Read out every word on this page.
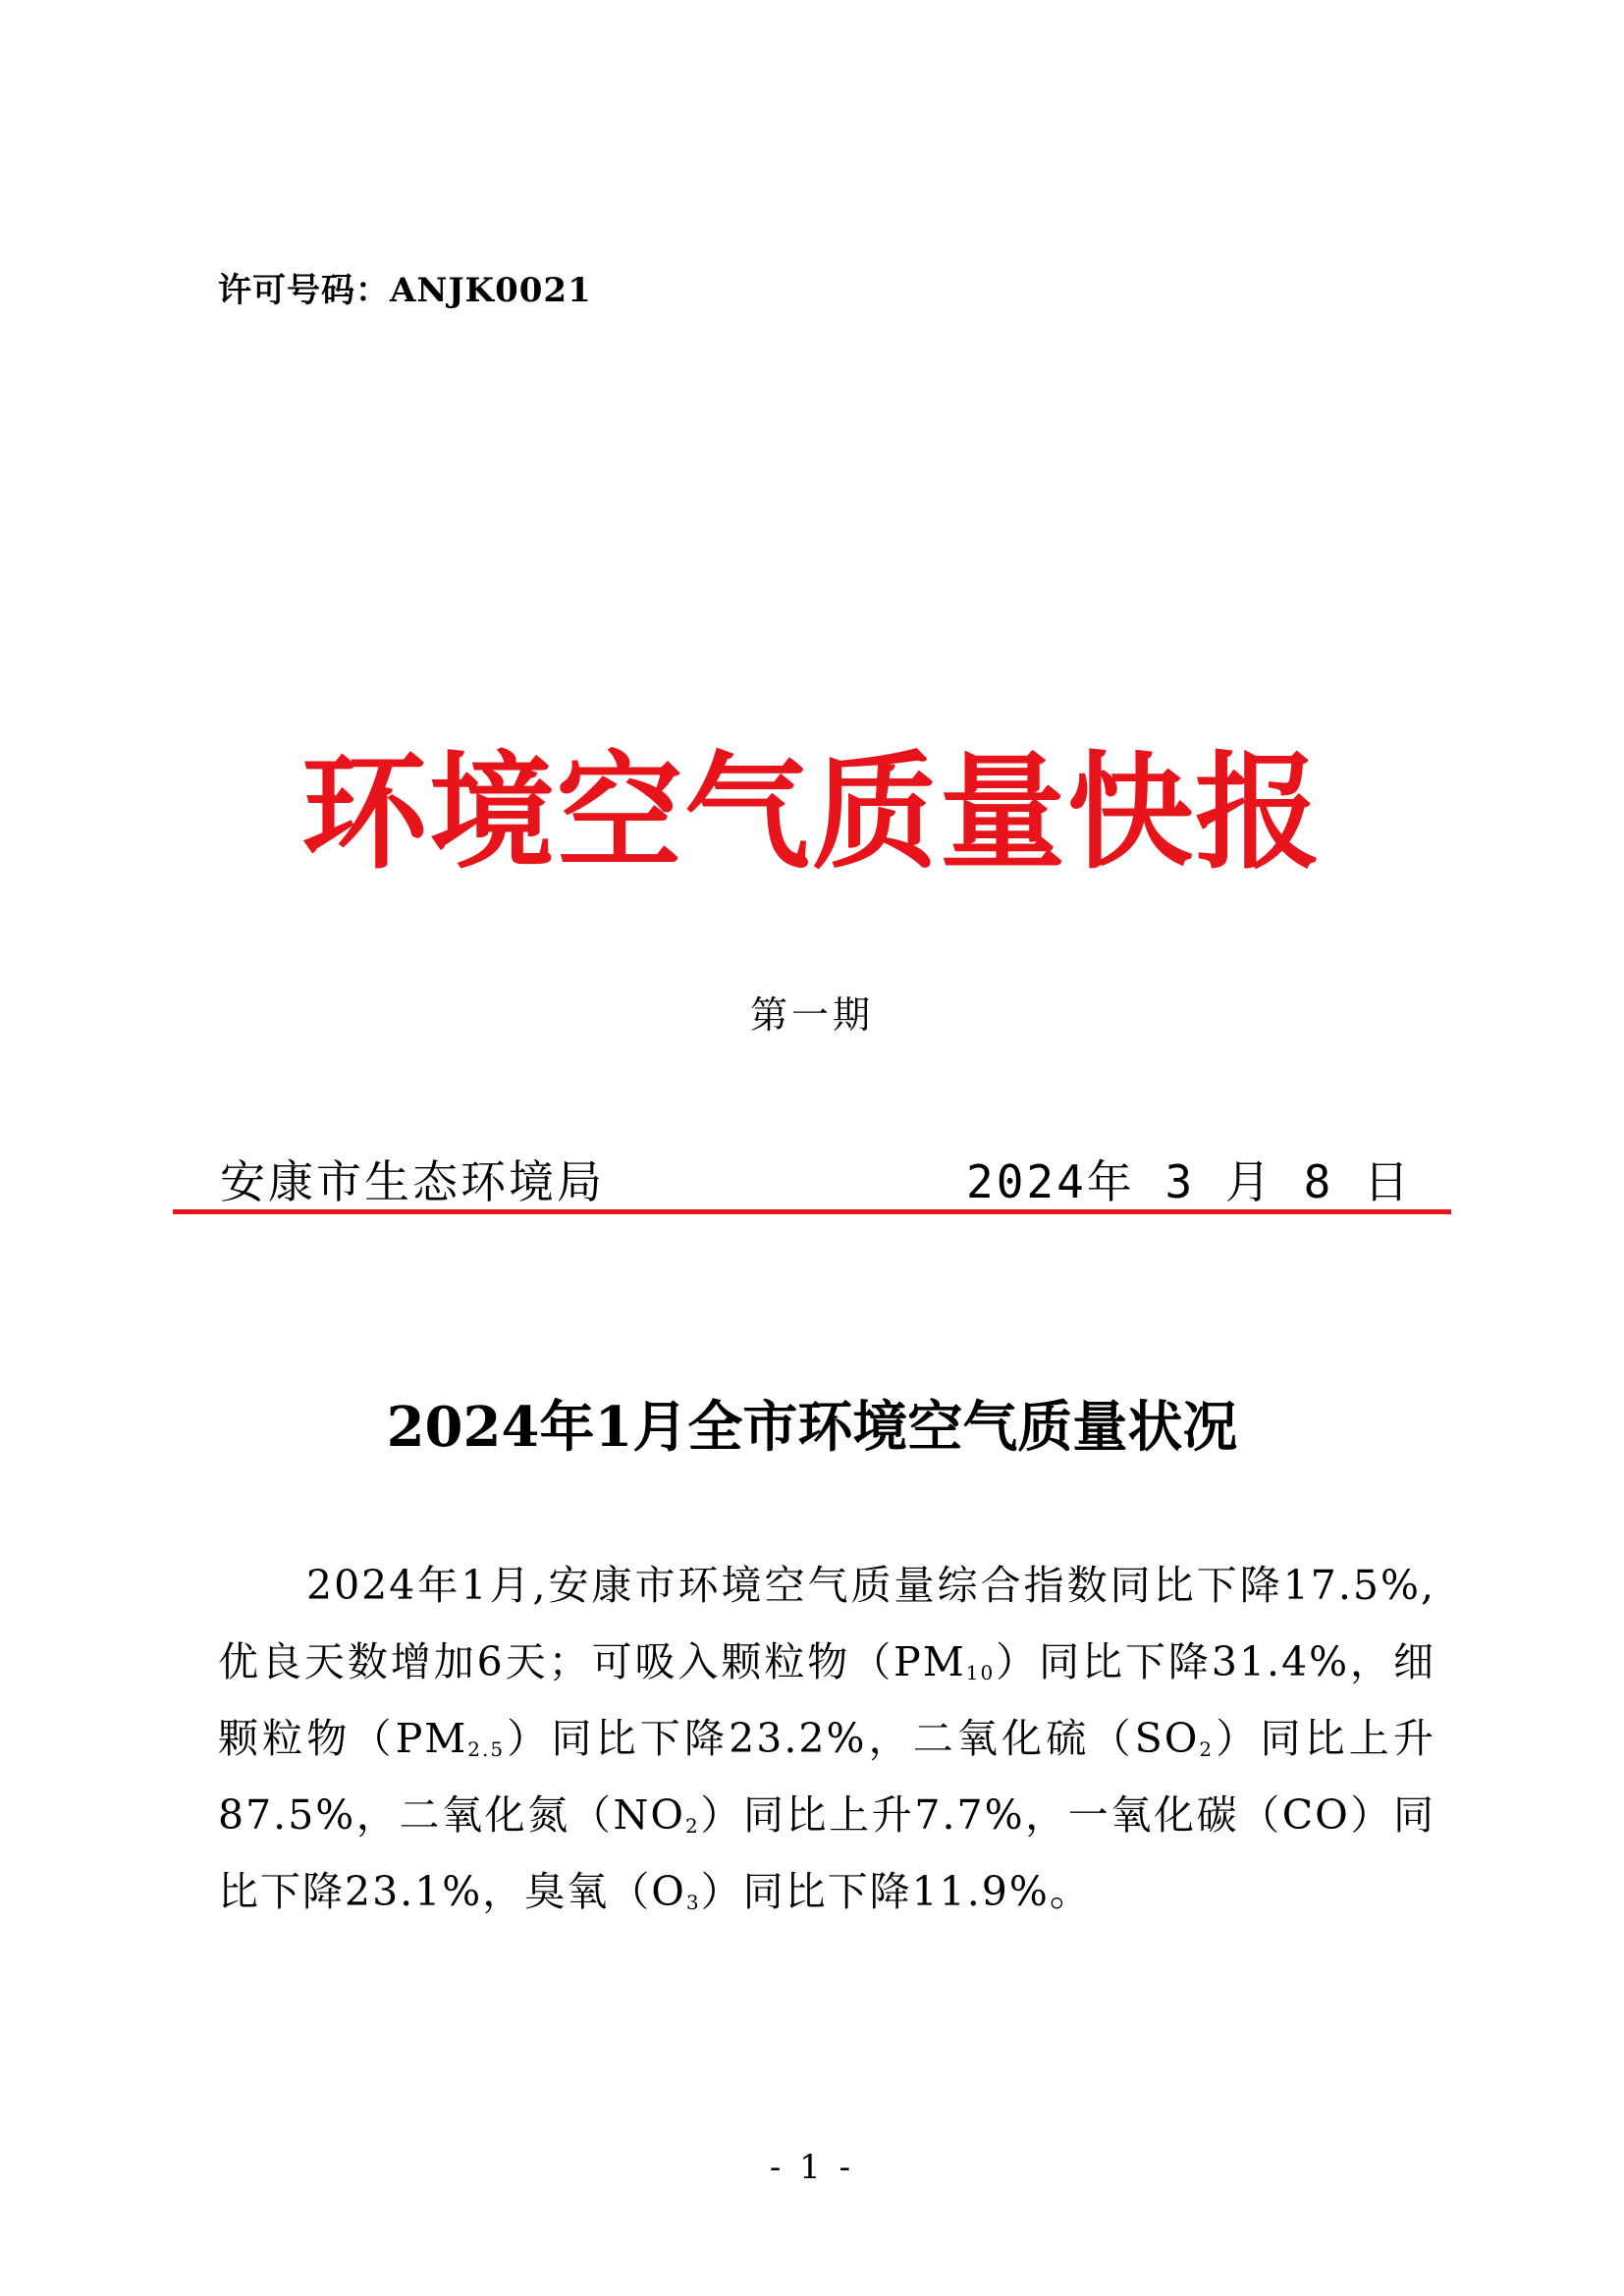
许可号码：ANJK0021
环境空气质量快报
第一期
安康市生态环境局	2024年 3 月 8 日
2024年1月全市环境空气质量状况

2024年1月,安康市环境空气质量综合指数同比下降17.5%,优良天数增加6天；可吸入颗粒物$(PM_{10})$同比下降31.4%，细颗粒物$(PM_{2.5})$同比下降23.2%，二氧化硫$(SO_2)$同比上升87.5%，二氧化氮$(NO_2)$同比上升7.7%，一氧化碳（CO）同比下降23.1%，臭氧$(O_3)$同比下降11.9%。

- 1 -
